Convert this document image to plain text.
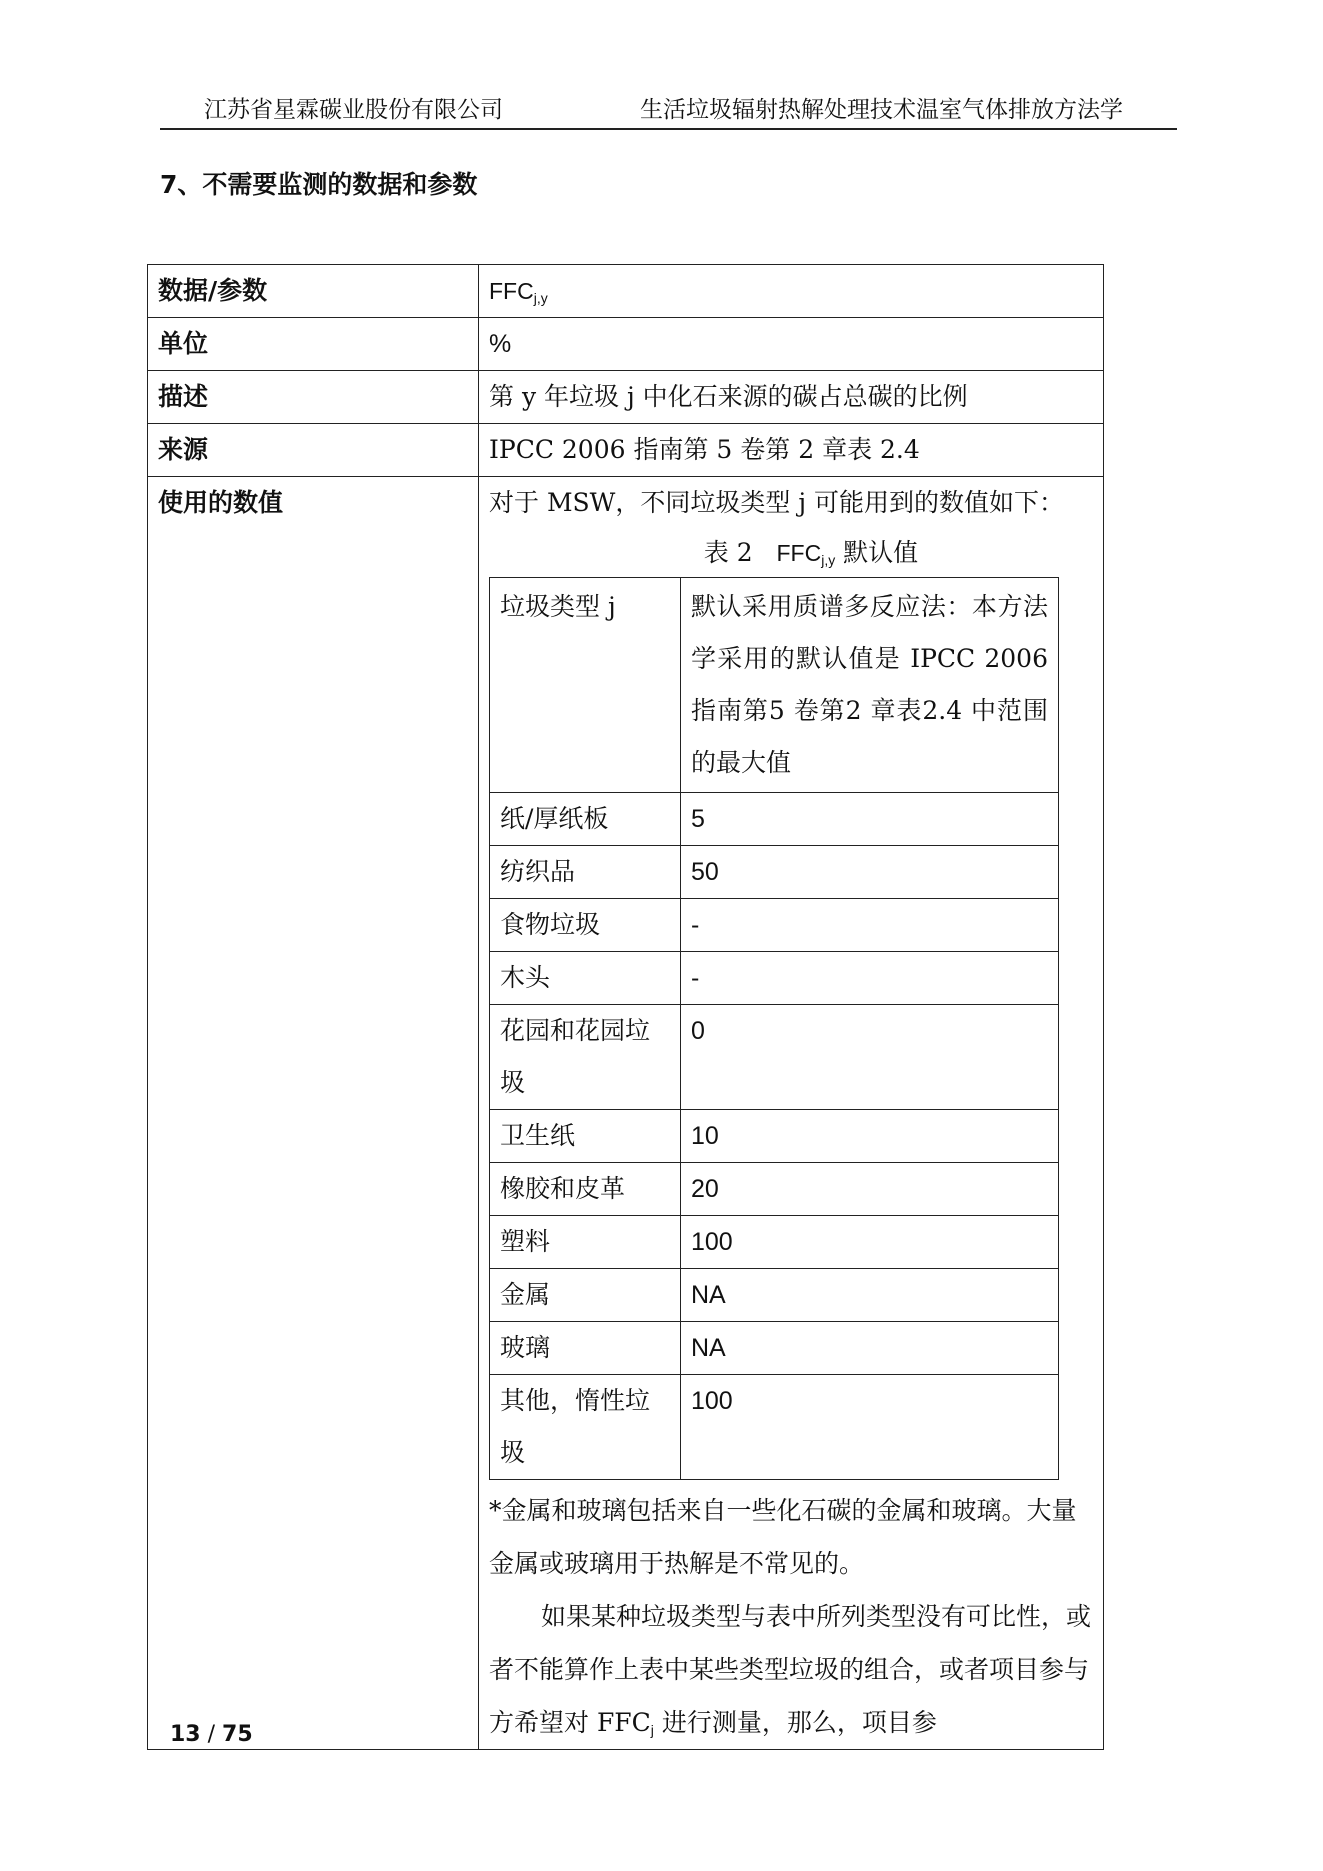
江苏省星霖碳业股份有限公司	生活垃圾辐射热解处理技术温室气体排放方法学
7、不需要监测的数据和参数
数据/参数	$FFC_{j,y}$
单位	%
描述	第 y 年垃圾 j 中化石来源的碳占总碳的比例
来源	IPCC 2006 指南第 5 卷第 2 章表 2.4
使用的数值	对于 MSW，不同垃圾类型 j 可能用到的数值如下：
表 2 $FFC_{j,y}$ 默认值
垃圾类型 j	默认采用质谱多反应法：本方法学采用的默认值是 IPCC 2006 指南第5 卷第2 章表2.4 中范围的最大值
纸/厚纸板	5
纺织品	50
食物垃圾	-
木头	-
花园和花园垃圾	0
卫生纸	10
橡胶和皮革	20
塑料	100
金属	NA
玻璃	NA
其他，惰性垃圾	100
*金属和玻璃包括来自一些化石碳的金属和玻璃。大量金属或玻璃用于热解是不常见的。
如果某种垃圾类型与表中所列类型没有可比性，或者不能算作上表中某些类型垃圾的组合，或者项目参与方希望对 $FFC_j$ 进行测量，那么，项目参
13 / 75
